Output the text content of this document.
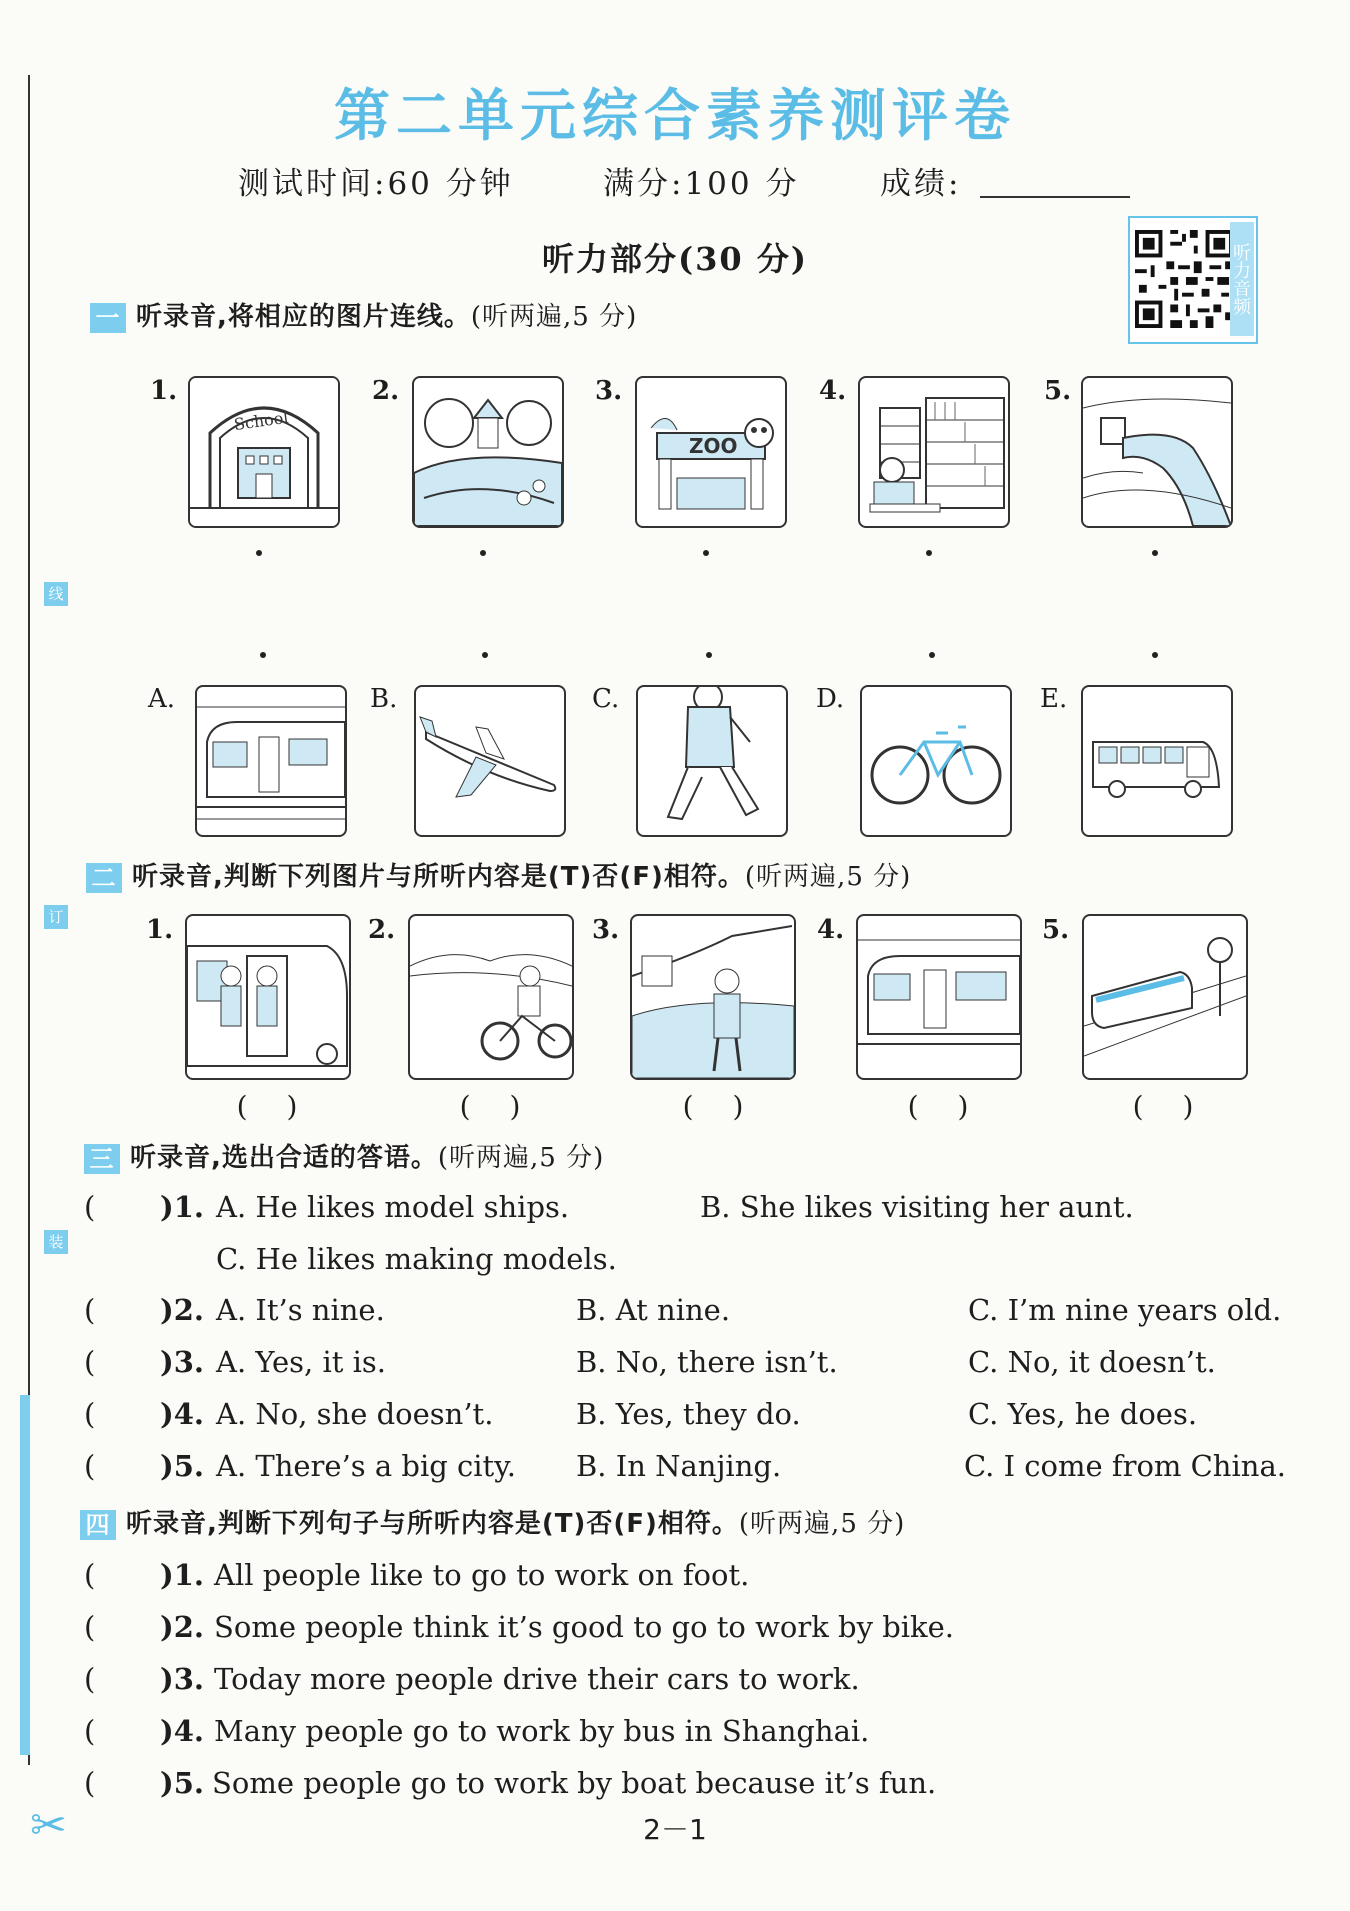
线
订
装
✂
第二单元综合素养测评卷
测试时间:60 分钟	满分:100 分	成绩:
听力部分(30 分)	听力音频
一 听录音,将相应的图片连线。(听两遍,5 分)
1.	2.	3.	4.	5.
School
ZOO
A.	B.	C.	D.	E.
二 听录音,判断下列图片与所听内容是(T)否(F)相符。(听两遍,5 分)
1.	2.	3.	4.	5.
( )	( )	( )	( )	( )
三 听录音,选出合适的答语。(听两遍,5 分)
( )1. A. He likes model ships.	B. She likes visiting her aunt.
C. He likes making models.
( )2. A. It’s nine.	B. At nine.	C. I’m nine years old.
( )3. A. Yes, it is.	B. No, there isn’t.	C. No, it doesn’t.
( )4. A. No, she doesn’t.	B. Yes, they do.	C. Yes, he does.
( )5. A. There’s a big city. B. In Nanjing.	C. I come from China.
四 听录音,判断下列句子与所听内容是(T)否(F)相符。(听两遍,5 分)
( )1. All people like to go to work on foot.
( )2. Some people think it’s good to go to work by bike.
( )3. Today more people drive their cars to work.
( )4. Many people go to work by bus in Shanghai.
( )5. Some people go to work by boat because it’s fun.
2－1
